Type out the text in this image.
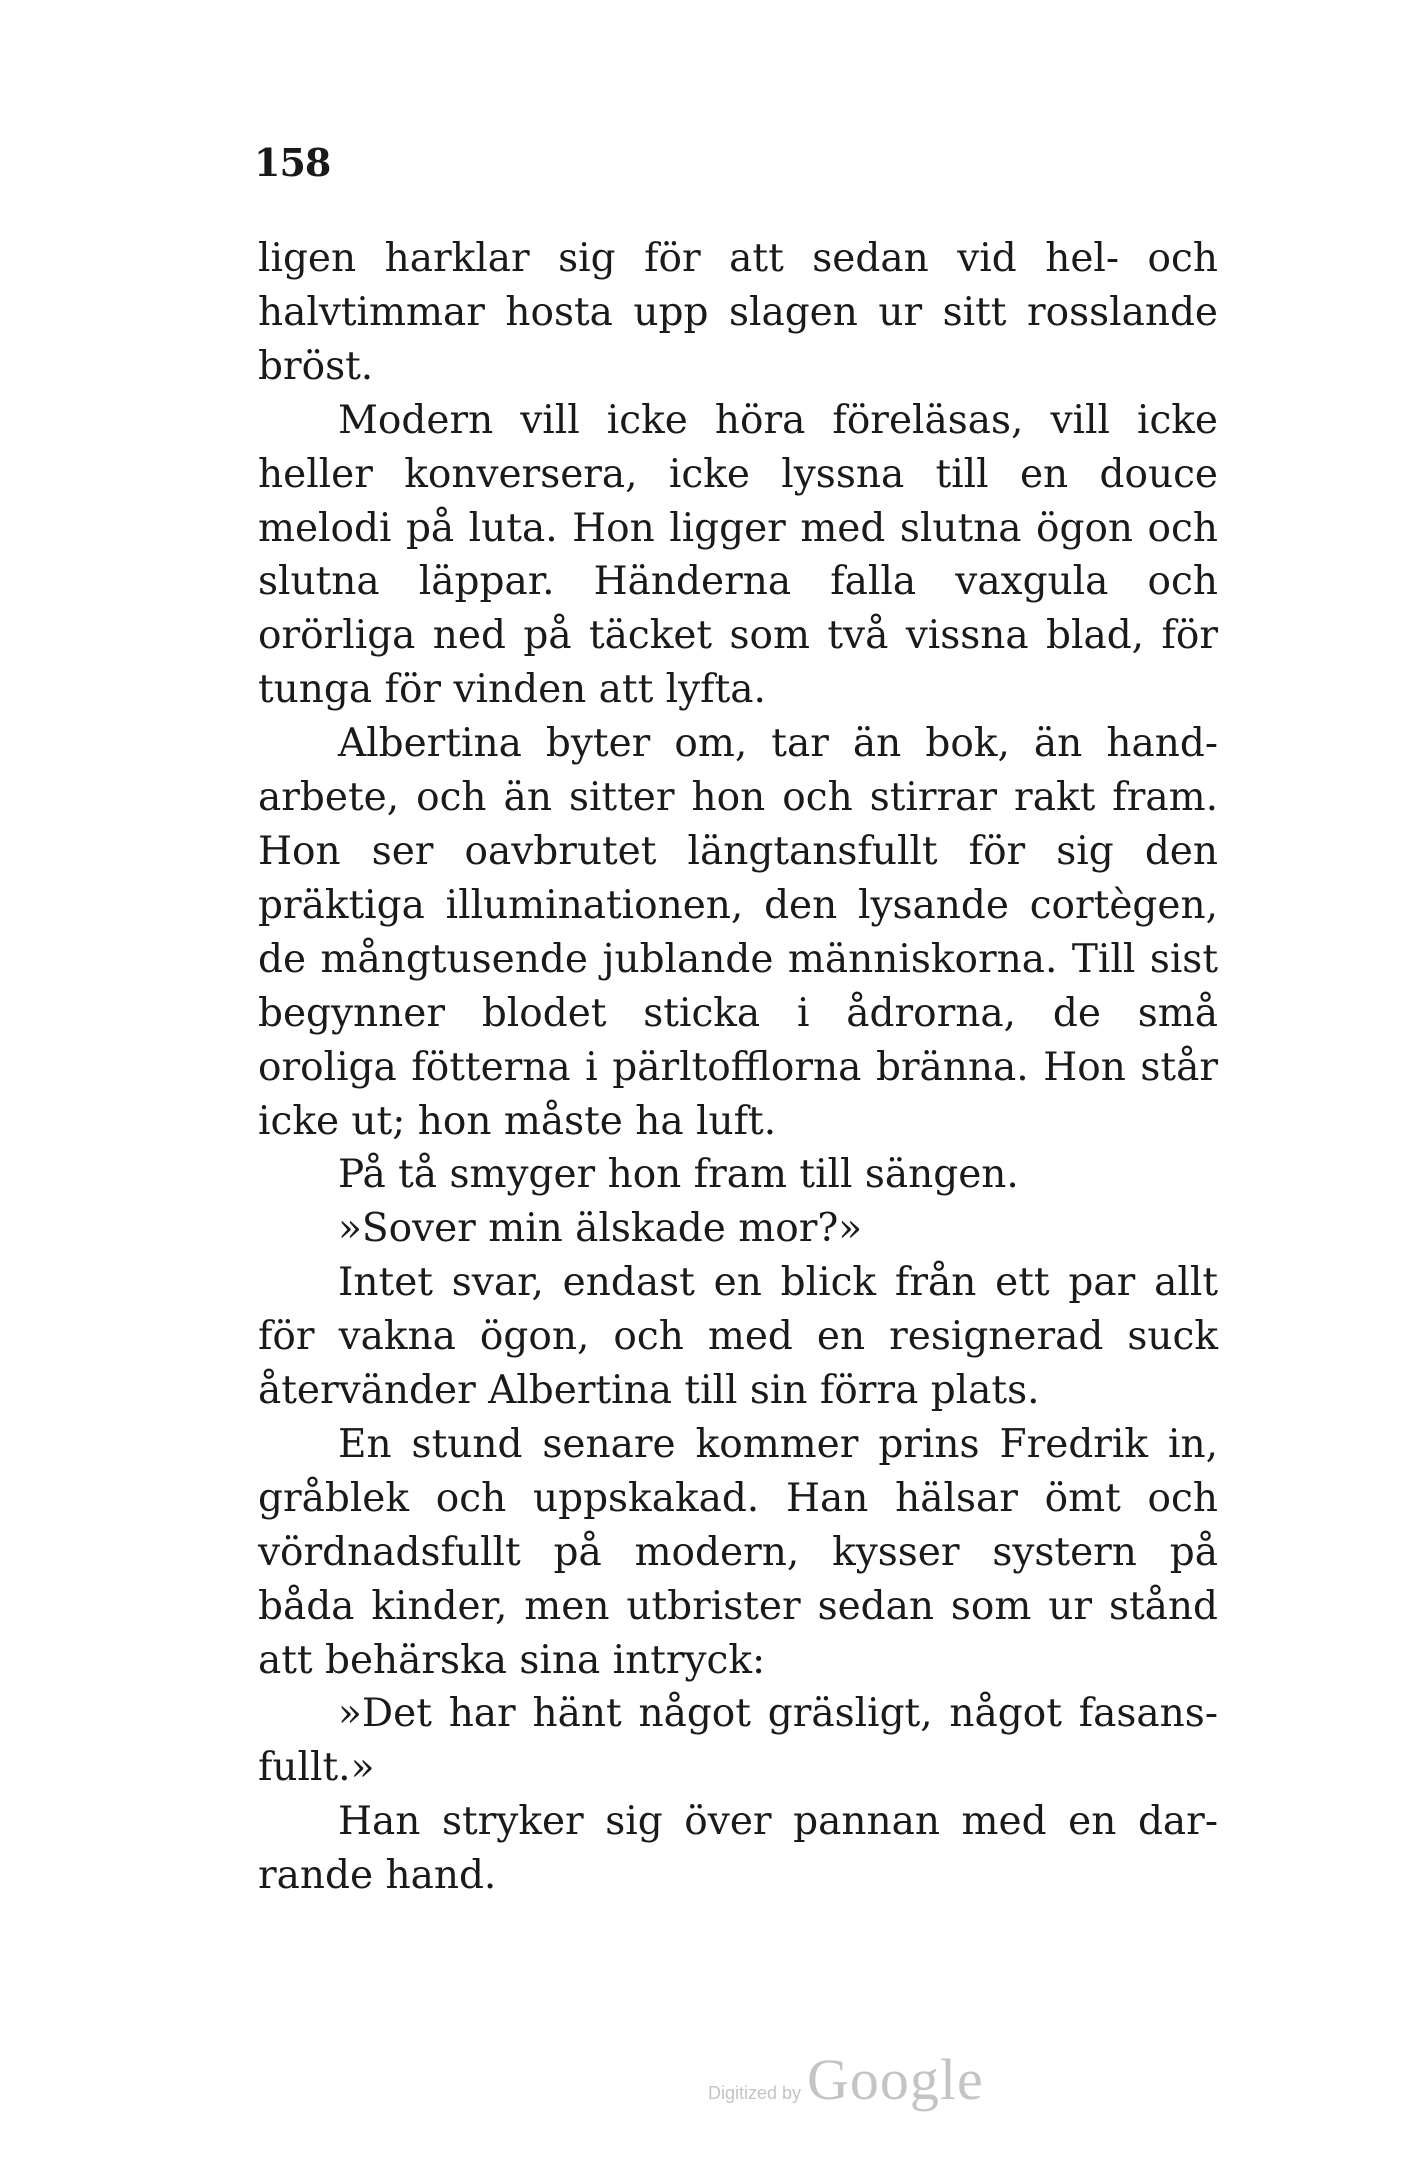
158

ligen harklar sig för att sedan vid hel- och halvtimmar hosta upp slagen ur sitt rosslande bröst.

Modern vill icke höra föreläsas, vill icke heller konversera, icke lyssna till en douce melodi på luta. Hon ligger med slutna ögon och slutna läppar. Händerna falla vaxgula och orörliga ned på täcket som två vissna blad, för tunga för vinden att lyfta.

Albertina byter om, tar än bok, än handarbete, och än sitter hon och stirrar rakt fram. Hon ser oavbrutet längtansfullt för sig den präktiga illuminationen, den lysande cortègen, de mångtusende jublande människorna. Till sist begynner blodet sticka i ådrorna, de små oroliga fötterna i pärltofflorna bränna. Hon står icke ut; hon måste ha luft.

På tå smyger hon fram till sängen.

»Sover min älskade mor?»

Intet svar, endast en blick från ett par allt för vakna ögon, och med en resignerad suck återvänder Albertina till sin förra plats.

En stund senare kommer prins Fredrik in, gråblek och uppskakad. Han hälsar ömt och vördnadsfullt på modern, kysser systern på båda kinder, men utbrister sedan som ur stånd att behärska sina intryck:

»Det har hänt något gräsligt, något fasansfullt.»

Han stryker sig över pannan med en darrande hand.

Digitized by Google
